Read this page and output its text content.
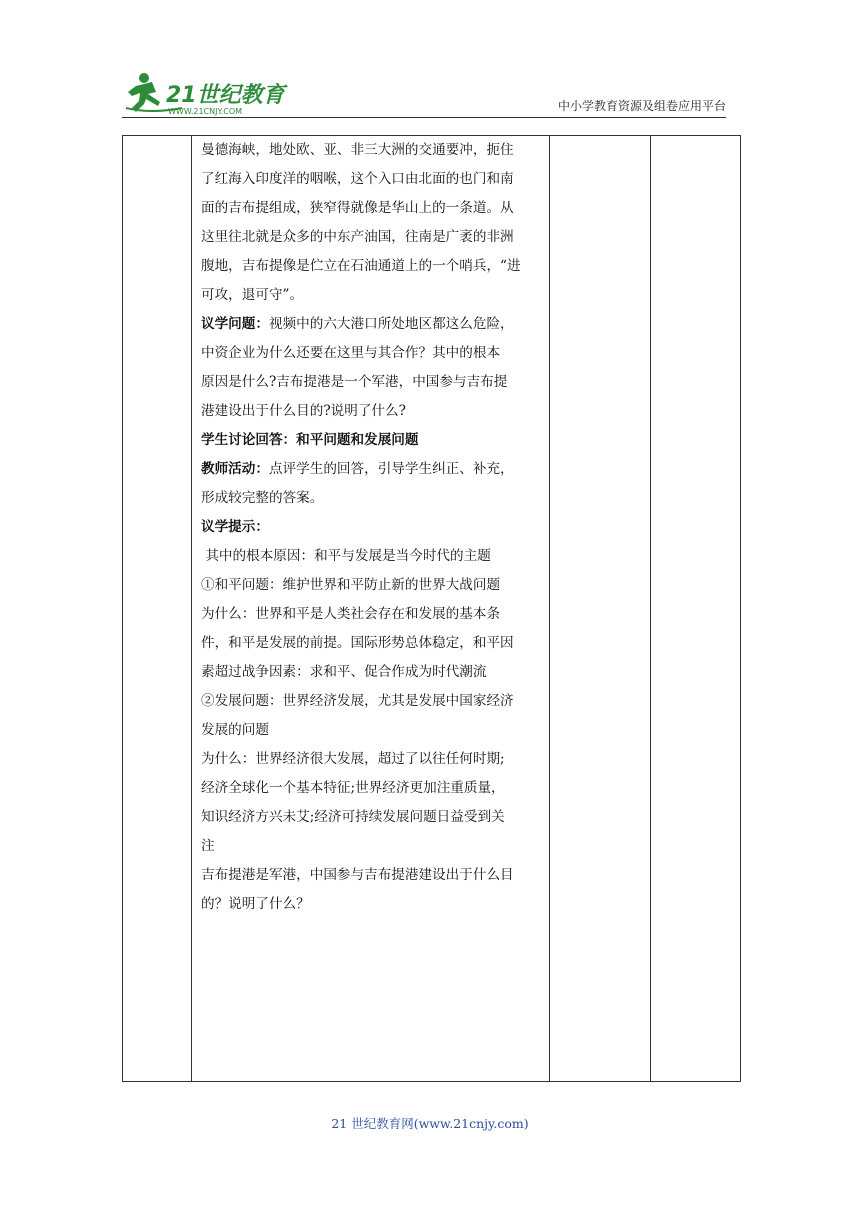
21世纪教育
WWW.21CNJY.COM	中小学教育资源及组卷应用平台

曼德海峡，地处欧、亚、非三大洲的交通要冲，扼住

了红海入印度洋的咽喉，这个入口由北面的也门和南

面的吉布提组成，狭窄得就像是华山上的一条道。从

这里往北就是众多的中东产油国，往南是广袤的非洲

腹地，吉布提像是伫立在石油通道上的一个哨兵，“进

可攻，退可守”。

议学问题：视频中的六大港口所处地区都这么危险，

中资企业为什么还要在这里与其合作？其中的根本

原因是什么?吉布提港是一个军港，中国参与吉布提

港建设出于什么目的?说明了什么?

学生讨论回答：和平问题和发展问题

教师活动：点评学生的回答，引导学生纠正、补充，

形成较完整的答案。

议学提示：

其中的根本原因：和平与发展是当今时代的主题

①和平问题：维护世界和平防止新的世界大战问题

为什么：世界和平是人类社会存在和发展的基本条

件，和平是发展的前提。国际形势总体稳定，和平因

素超过战争因素：求和平、促合作成为时代潮流

②发展问题：世界经济发展，尤其是发展中国家经济

发展的问题

为什么：世界经济很大发展，超过了以往任何时期;

经济全球化一个基本特征;世界经济更加注重质量，

知识经济方兴未艾;经济可持续发展问题日益受到关

注

吉布提港是军港，中国参与吉布提港建设出于什么目

的？说明了什么？

21 世纪教育网(www.21cnjy.com)
